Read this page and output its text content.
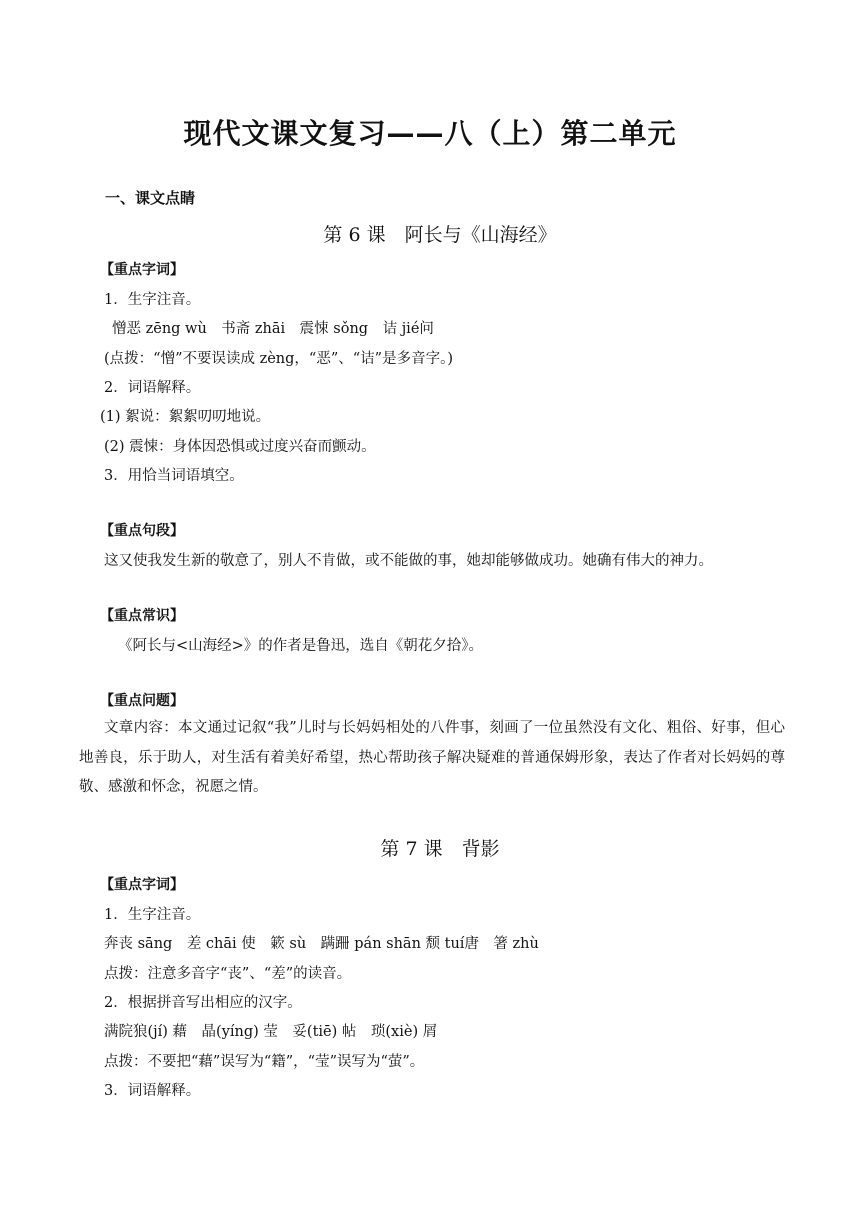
现代文课文复习——八（上）第二单元
一、课文点睛
第 6 课　阿长与《山海经》
【重点字词】
1．生字注音。
憎恶 zēng wù　书斋 zhāi　震悚 sǒng　诘 jié问
(点拨：“憎”不要误读成 zèng，“恶”、“诘”是多音字。)
2．词语解释。
(1) 絮说：絮絮叨叨地说。
(2) 震悚：身体因恐惧或过度兴奋而颤动。
3．用恰当词语填空。
【重点句段】
这又使我发生新的敬意了，别人不肯做，或不能做的事，她却能够做成功。她确有伟大的神力。
【重点常识】
《阿长与<山海经>》的作者是鲁迅，选自《朝花夕拾》。
【重点问题】
文章内容：本文通过记叙“我”儿时与长妈妈相处的八件事，刻画了一位虽然没有文化、粗俗、好事，但心地善良，乐于助人，对生活有着美好希望，热心帮助孩子解决疑难的普通保姆形象，表达了作者对长妈妈的尊敬、感激和怀念，祝愿之情。
第 7 课　背影
【重点字词】
1．生字注音。
奔丧 sāng　差 chāi 使　簌 sù　蹒跚 pán shān 颓 tuí唐　箸 zhù
点拨：注意多音字“丧”、“差”的读音。
2．根据拼音写出相应的汉字。
满院狼(jí) 藉　晶(yíng) 莹　妥(tiē) 帖　琐(xiè) 屑
点拨：不要把“藉”误写为“籍”，“莹”误写为“萤”。
3．词语解释。
